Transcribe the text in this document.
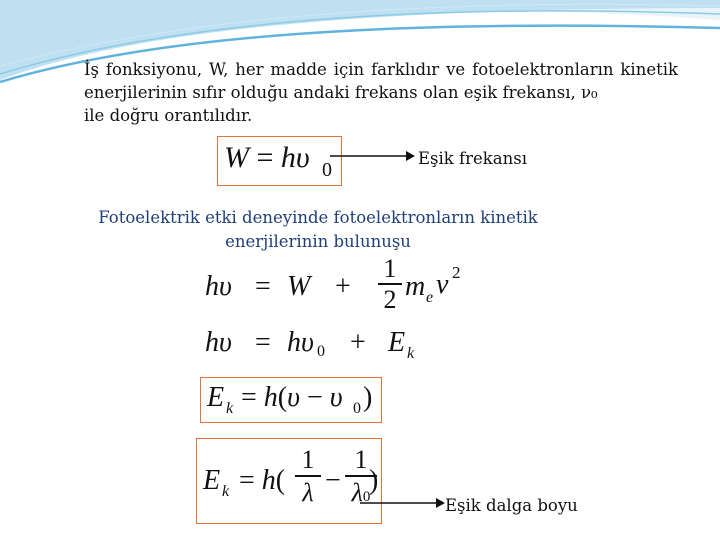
İş fonksiyonu, W, her madde için farklıdır ve fotoelektronların kinetik enerjilerinin sıfır olduğu andaki frekans olan eşik frekansı, ν₀
ile doğru orantılıdır.

W = hυ 0
Eşik frekansı

Fotoelektrik etki deneyinde fotoelektronların kinetik
enerjilerinin bulunuşu

hυ = W +
1
2 m e ν 2
hυ = hυ 0 + E k
E k = h(υ − υ 0 )
E k = h(
1
λ −
1
λ0
)
Eşik dalga boyu
